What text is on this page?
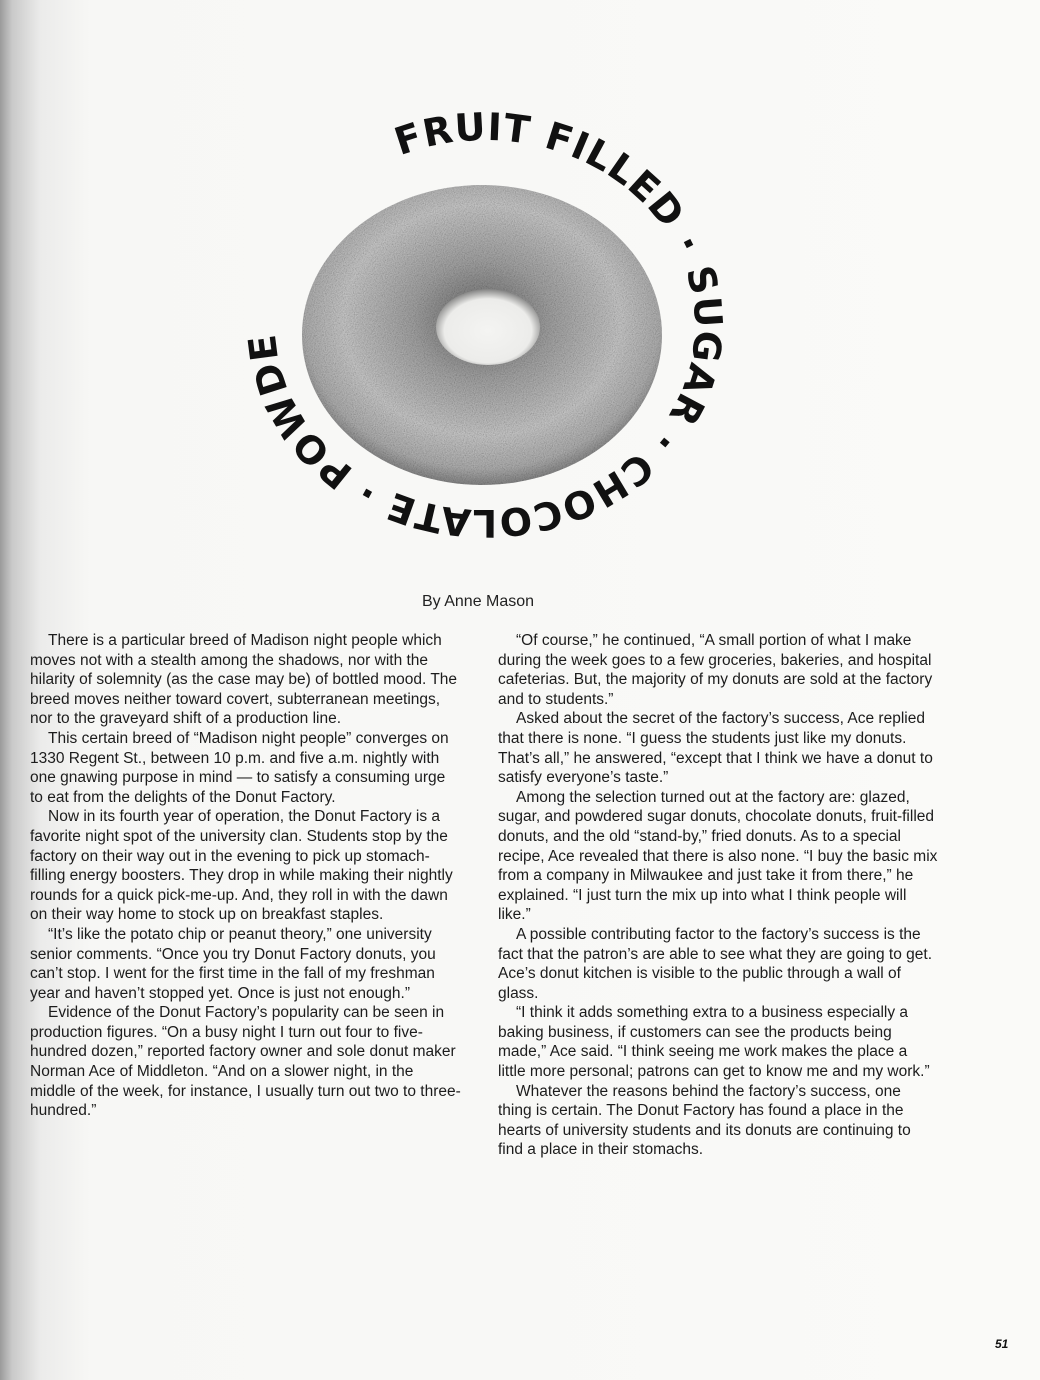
FRUIT FILLED · SUGAR · CHOCOLATE · POWDE
By Anne Mason

There is a particular breed of Madison night people which moves not with a stealth among the shadows, nor with the hilarity of solemnity (as the case may be) of bottled mood. The breed moves neither toward covert, subterranean meetings, nor to the graveyard shift of a production line.

This certain breed of “Madison night people” converges on 1330 Regent St., between 10 p.m. and five a.m. nightly with one gnawing purpose in mind — to satisfy a consuming urge to eat from the delights of the Donut Factory.

Now in its fourth year of operation, the Donut Factory is a favorite night spot of the university clan. Students stop by the factory on their way out in the evening to pick up stomach-filling energy boosters. They drop in while making their nightly rounds for a quick pick-me-up. And, they roll in with the dawn on their way home to stock up on breakfast staples.

“It’s like the potato chip or peanut theory,” one university senior comments. “Once you try Donut Factory donuts, you can’t stop. I went for the first time in the fall of my freshman year and haven’t stopped yet. Once is just not enough.”

Evidence of the Donut Factory’s popularity can be seen in production figures. “On a busy night I turn out four to five-hundred dozen,” reported factory owner and sole donut maker Norman Ace of Middleton. “And on a slower night, in the middle of the week, for instance, I usually turn out two to three-hundred.”

“Of course,” he continued, “A small portion of what I make during the week goes to a few groceries, bakeries, and hospital cafeterias. But, the majority of my donuts are sold at the factory and to students.”

Asked about the secret of the factory’s success, Ace replied that there is none. “I guess the students just like my donuts. That’s all,” he answered, “except that I think we have a donut to satisfy everyone’s taste.”

Among the selection turned out at the factory are: glazed, sugar, and powdered sugar donuts, chocolate donuts, fruit-filled donuts, and the old “stand-by,” fried donuts. As to a special recipe, Ace revealed that there is also none. “I buy the basic mix from a company in Milwaukee and just take it from there,” he explained. “I just turn the mix up into what I think people will like.”

A possible contributing factor to the factory’s success is the fact that the patron’s are able to see what they are going to get. Ace’s donut kitchen is visible to the public through a wall of glass.

“I think it adds something extra to a business especially a baking business, if customers can see the products being made,” Ace said. “I think seeing me work makes the place a little more personal; patrons can get to know me and my work.”

Whatever the reasons behind the factory’s success, one thing is certain. The Donut Factory has found a place in the hearts of university students and its donuts are continuing to find a place in their stomachs.

51
